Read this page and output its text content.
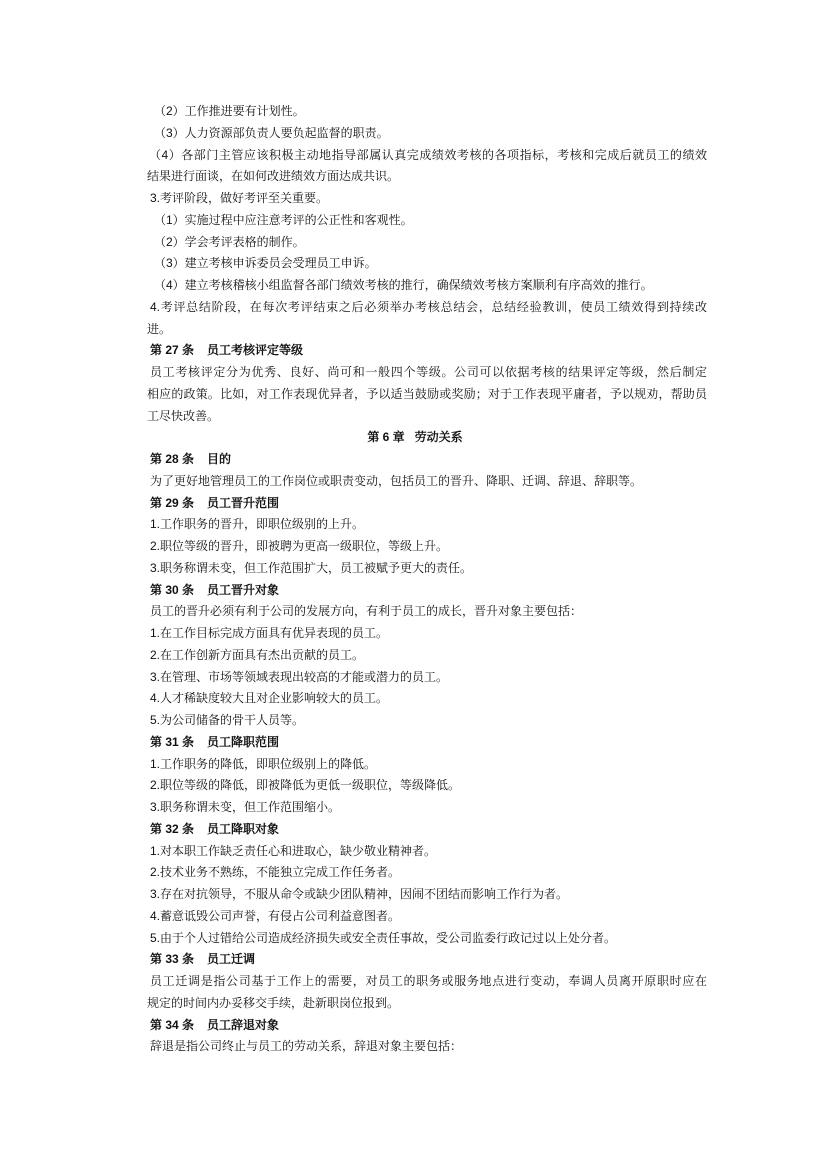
（2）工作推进要有计划性。
（3）人力资源部负责人要负起监督的职责。
（4）各部门主管应该积极主动地指导部属认真完成绩效考核的各项指标，考核和完成后就员工的绩效
结果进行面谈，在如何改进绩效方面达成共识。
3.考评阶段，做好考评至关重要。
（1）实施过程中应注意考评的公正性和客观性。
（2）学会考评表格的制作。
（3）建立考核申诉委员会受理员工申诉。
（4）建立考核稽核小组监督各部门绩效考核的推行，确保绩效考核方案顺利有序高效的推行。
4.考评总结阶段，在每次考评结束之后必须举办考核总结会，总结经验教训，使员工绩效得到持续改
进。
第 27 条 员工考核评定等级
员工考核评定分为优秀、良好、尚可和一般四个等级。公司可以依据考核的结果评定等级，然后制定
相应的政策。比如，对工作表现优异者，予以适当鼓励或奖励；对于工作表现平庸者，予以规劝，帮助员
工尽快改善。
第 6 章 劳动关系
第 28 条 目的
为了更好地管理员工的工作岗位或职责变动，包括员工的晋升、降职、迁调、辞退、辞职等。
第 29 条 员工晋升范围
1.工作职务的晋升，即职位级别的上升。
2.职位等级的晋升，即被聘为更高一级职位，等级上升。
3.职务称谓未变，但工作范围扩大，员工被赋予更大的责任。
第 30 条 员工晋升对象
员工的晋升必须有利于公司的发展方向，有利于员工的成长，晋升对象主要包括：
1.在工作目标完成方面具有优异表现的员工。
2.在工作创新方面具有杰出贡献的员工。
3.在管理、市场等领域表现出较高的才能或潜力的员工。
4.人才稀缺度较大且对企业影响较大的员工。
5.为公司储备的骨干人员等。
第 31 条 员工降职范围
1.工作职务的降低，即职位级别上的降低。
2.职位等级的降低，即被降低为更低一级职位，等级降低。
3.职务称谓未变，但工作范围缩小。
第 32 条 员工降职对象
1.对本职工作缺乏责任心和进取心，缺少敬业精神者。
2.技术业务不熟练，不能独立完成工作任务者。
3.存在对抗领导，不服从命令或缺少团队精神，因闹不团结而影响工作行为者。
4.蓄意诋毁公司声誉，有侵占公司利益意图者。
5.由于个人过错给公司造成经济损失或安全责任事故，受公司监委行政记过以上处分者。
第 33 条 员工迁调
员工迁调是指公司基于工作上的需要，对员工的职务或服务地点进行变动，奉调人员离开原职时应在
规定的时间内办妥移交手续，赴新职岗位报到。
第 34 条 员工辞退对象
辞退是指公司终止与员工的劳动关系，辞退对象主要包括：
